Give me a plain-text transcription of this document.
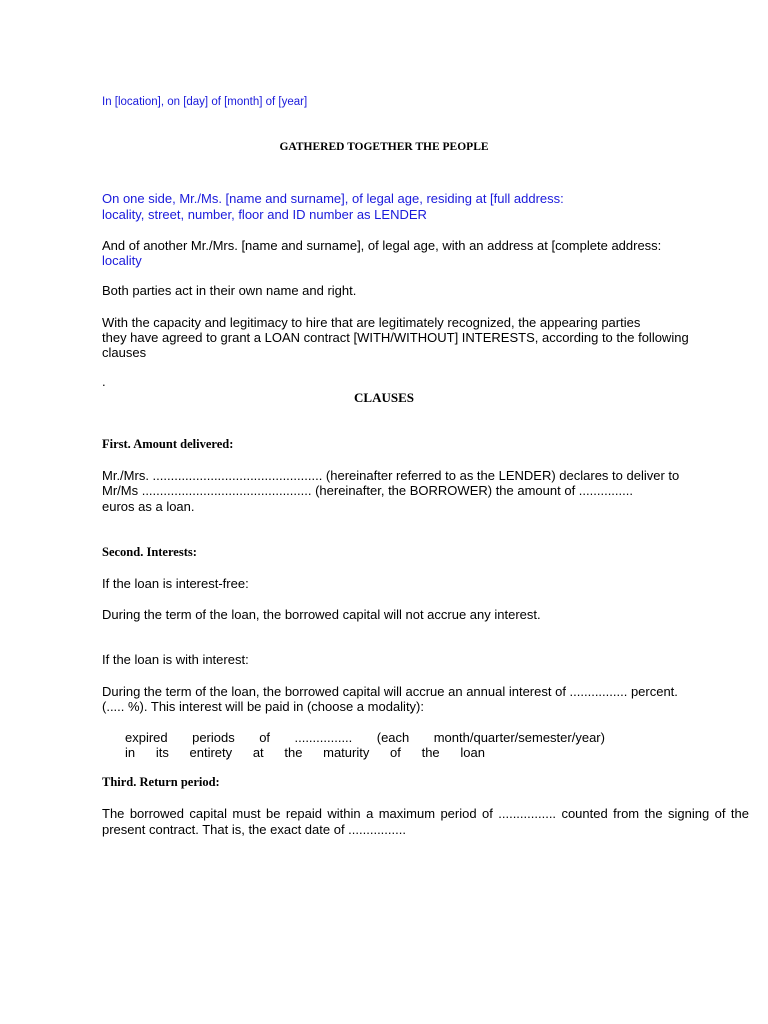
In [location], on [day] of [month] of [year]
GATHERED TOGETHER THE PEOPLE
On one side, Mr./Ms. [name and surname], of legal age, residing at [full address:
locality, street, number, floor and ID number as LENDER
And of another Mr./Mrs. [name and surname], of legal age, with an address at [complete address:
locality
Both parties act in their own name and right.
With the capacity and legitimacy to hire that are legitimately recognized, the appearing parties
they have agreed to grant a LOAN contract [WITH/WITHOUT] INTERESTS, according to the following
clauses
.
CLAUSES
First. Amount delivered:
Mr./Mrs. ............................................... (hereinafter referred to as the LENDER) declares to deliver to
Mr/Ms ............................................... (hereinafter, the BORROWER) the amount of ...............
euros as a loan.
Second. Interests:
If the loan is interest-free:
During the term of the loan, the borrowed capital will not accrue any interest.
If the loan is with interest:
During the term of the loan, the borrowed capital will accrue an annual interest of ................ percent.
(..... %). This interest will be paid in (choose a modality):
expired periods of ................ (each month/quarter/semester/year)
in its entirety at the maturity of the loan
Third. Return period:
The borrowed capital must be repaid within a maximum period of ................ counted from the signing of the
present contract. That is, the exact date of ................
